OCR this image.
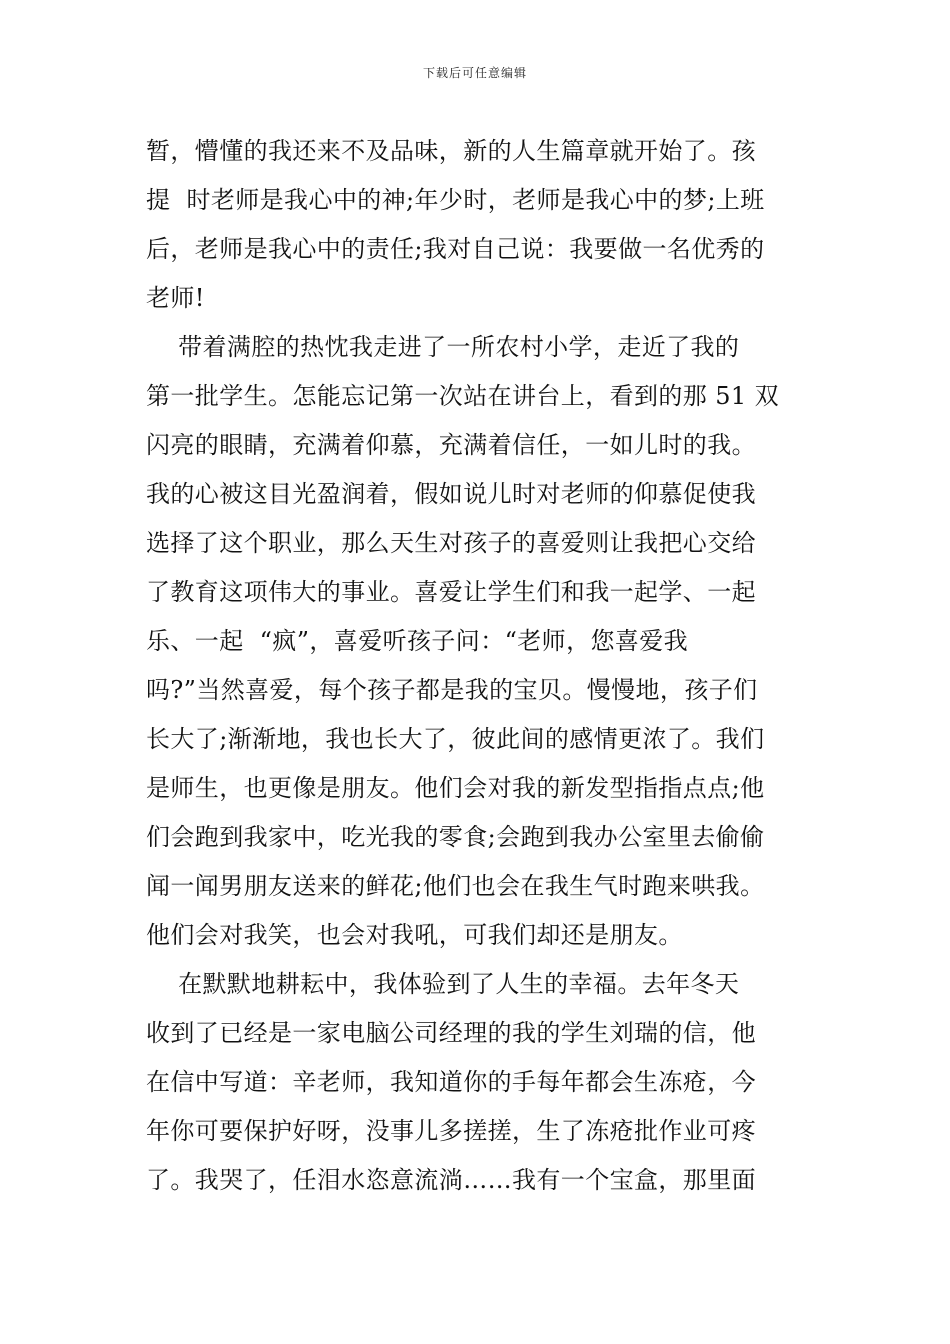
下载后可任意编辑
暂，懵懂的我还来不及品味，新的人生篇章就开始了。孩
提  时老师是我心中的神;年少时，老师是我心中的梦;上班
后，老师是我心中的责任;我对自己说：我要做一名优秀的
老师!
带着满腔的热忱我走进了一所农村小学，走近了我的
第一批学生。怎能忘记第一次站在讲台上，看到的那 51 双
闪亮的眼睛，充满着仰慕，充满着信任，一如儿时的我。
我的心被这目光盈润着，假如说儿时对老师的仰慕促使我
选择了这个职业，那么天生对孩子的喜爱则让我把心交给
了教育这项伟大的事业。喜爱让学生们和我一起学、一起
乐、一起  “疯”，喜爱听孩子问：“老师，您喜爱我
吗?”当然喜爱，每个孩子都是我的宝贝。慢慢地，孩子们
长大了;渐渐地，我也长大了，彼此间的感情更浓了。我们
是师生，也更像是朋友。他们会对我的新发型指指点点;他
们会跑到我家中，吃光我的零食;会跑到我办公室里去偷偷
闻一闻男朋友送来的鲜花;他们也会在我生气时跑来哄我。
他们会对我笑，也会对我吼，可我们却还是朋友。
在默默地耕耘中，我体验到了人生的幸福。去年冬天
收到了已经是一家电脑公司经理的我的学生刘瑞的信，他
在信中写道：辛老师，我知道你的手每年都会生冻疮，今
年你可要保护好呀，没事儿多搓搓，生了冻疮批作业可疼
了。我哭了，任泪水恣意流淌……我有一个宝盒，那里面
